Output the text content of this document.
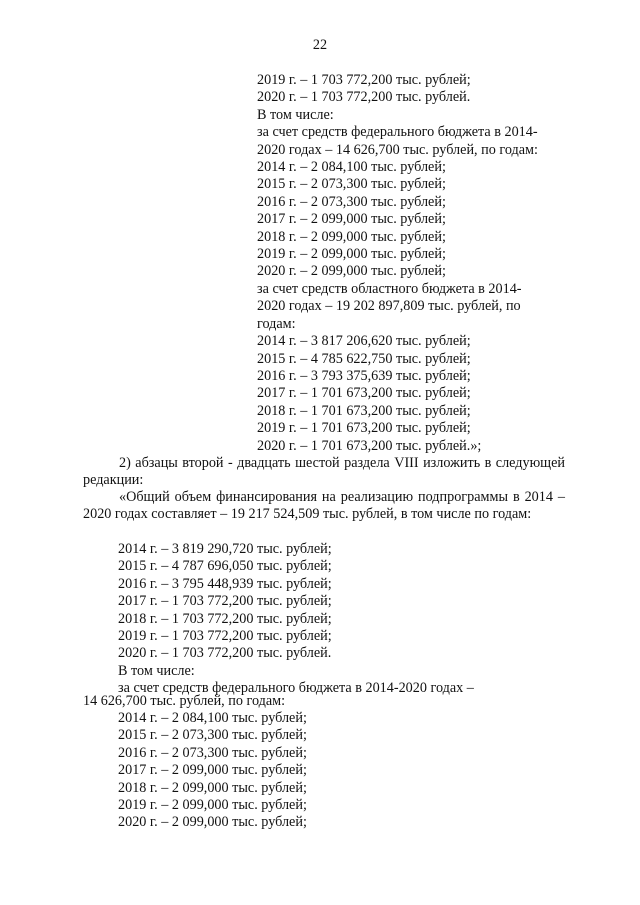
22
2019 г. – 1 703 772,200 тыс. рублей;
2020 г. – 1 703 772,200 тыс. рублей.
В том числе:
за счет средств федерального бюджета в 2014-
2020 годах – 14 626,700 тыс. рублей, по годам:
2014 г. – 2 084,100 тыс. рублей;
2015 г. – 2 073,300 тыс. рублей;
2016 г. – 2 073,300 тыс. рублей;
2017 г. – 2 099,000 тыс. рублей;
2018 г. – 2 099,000 тыс. рублей;
2019 г. – 2 099,000 тыс. рублей;
2020 г. – 2 099,000 тыс. рублей;
за счет средств областного бюджета в 2014-
2020 годах – 19 202 897,809 тыс. рублей, по
годам:
2014 г. – 3 817 206,620 тыс. рублей;
2015 г. – 4 785 622,750 тыс. рублей;
2016 г. – 3 793 375,639 тыс. рублей;
2017 г. – 1 701 673,200 тыс. рублей;
2018 г. – 1 701 673,200 тыс. рублей;
2019 г. – 1 701 673,200 тыс. рублей;
2020 г. – 1 701 673,200 тыс. рублей.»;
2) абзацы второй - двадцать шестой раздела VIII изложить в следующей редакции:
«Общий объем финансирования на реализацию подпрограммы в 2014 – 2020 годах составляет – 19 217 524,509 тыс. рублей, в том числе по годам:
2014 г. – 3 819 290,720 тыс. рублей;
2015 г. – 4 787 696,050 тыс. рублей;
2016 г. – 3 795 448,939 тыс. рублей;
2017 г. – 1 703 772,200 тыс. рублей;
2018 г. – 1 703 772,200 тыс. рублей;
2019 г. – 1 703 772,200 тыс. рублей;
2020 г. – 1 703 772,200 тыс. рублей.
В том числе:
за счет средств федерального бюджета в 2014-2020 годах –
14 626,700 тыс. рублей, по годам:
2014 г. – 2 084,100 тыс. рублей;
2015 г. – 2 073,300 тыс. рублей;
2016 г. – 2 073,300 тыс. рублей;
2017 г. – 2 099,000 тыс. рублей;
2018 г. – 2 099,000 тыс. рублей;
2019 г. – 2 099,000 тыс. рублей;
2020 г. – 2 099,000 тыс. рублей;
